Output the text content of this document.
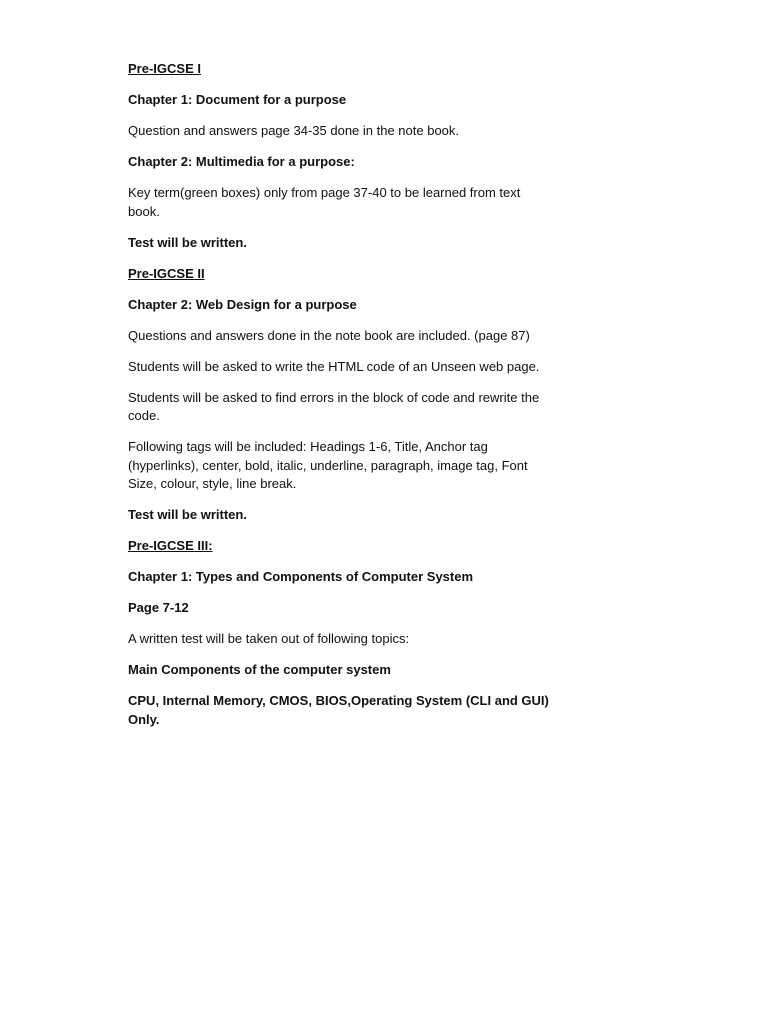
Pre-IGCSE I

Chapter 1: Document for a purpose

Question and answers page 34-35 done in the note book.

Chapter 2: Multimedia for a purpose:

Key term(green boxes) only from page 37-40 to be learned from text book.

Test will be written.

Pre-IGCSE II

Chapter 2: Web Design for a purpose

Questions and answers done in the note book are included. (page 87)

Students will be asked to write the HTML code of an Unseen web page.

Students will be asked to find errors in the block of code and rewrite the code.

Following tags will be included: Headings 1-6, Title, Anchor tag (hyperlinks), center, bold, italic, underline, paragraph, image tag, Font Size, colour, style, line break.

Test will be written.

Pre-IGCSE III:

Chapter 1: Types and Components of Computer System

Page 7-12

A written test will be taken out of following topics:

Main Components of the computer system

CPU, Internal Memory, CMOS, BIOS,Operating System (CLI and GUI) Only.
